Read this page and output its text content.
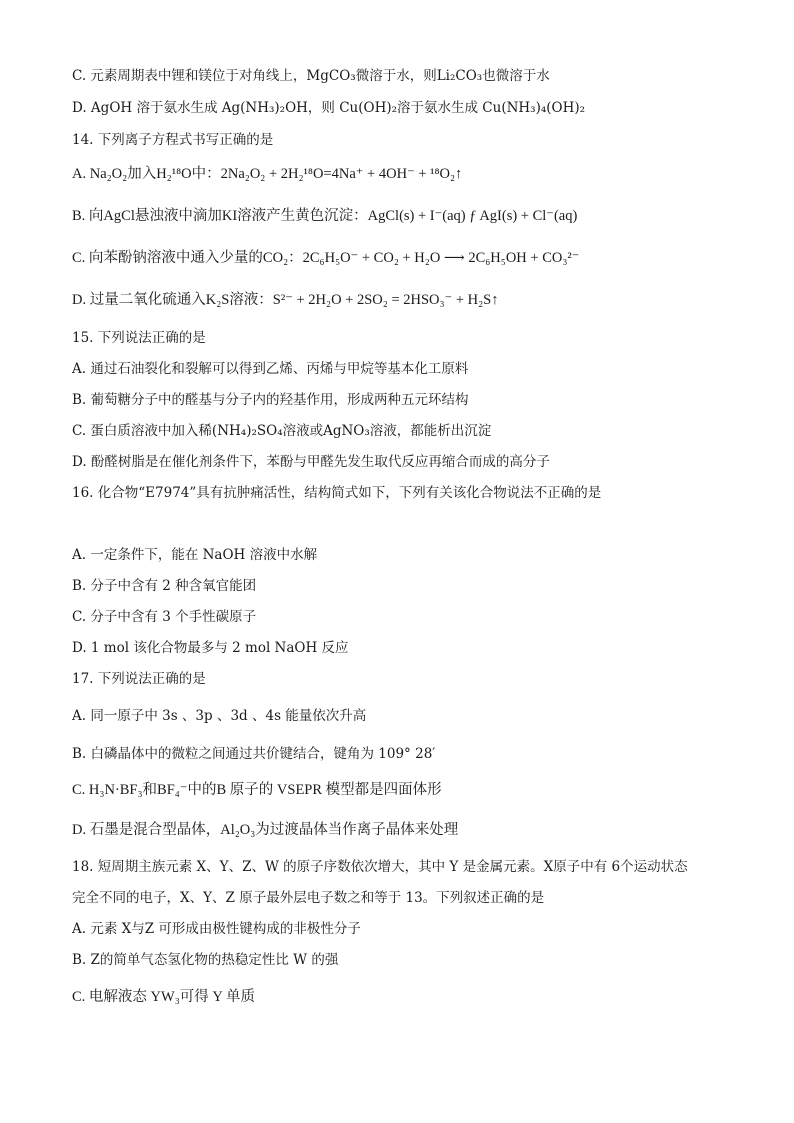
C. 元素周期表中锂和镁位于对角线上，MgCO₃微溶于水，则Li₂CO₃也微溶于水
D. AgOH 溶于氨水生成 Ag(NH₃)₂OH，则 Cu(OH)₂溶于氨水生成 Cu(NH₃)₄(OH)₂
14. 下列离子方程式书写正确的是
A. Na₂O₂加入H₂¹⁸O中：2Na₂O₂ + 2H₂¹⁸O=4Na⁺ + 4OH⁻ + ¹⁸O₂↑
B. 向AgCl悬浊液中滴加KI溶液产生黄色沉淀：AgCl(s) + I⁻(aq) ƒ AgI(s) + Cl⁻(aq)
C. 向苯酚钠溶液中通入少量的CO₂：2C₆H₅O⁻ + CO₂ + H₂O ⟶ 2C₆H₅OH + CO₃²⁻
D. 过量二氧化硫通入K₂S溶液：S²⁻ + 2H₂O + 2SO₂ = 2HSO₃⁻ + H₂S↑
15. 下列说法正确的是
A. 通过石油裂化和裂解可以得到乙烯、丙烯与甲烷等基本化工原料
B. 葡萄糖分子中的醛基与分子内的羟基作用，形成两种五元环结构
C. 蛋白质溶液中加入稀(NH₄)₂SO₄溶液或AgNO₃溶液，都能析出沉淀
D. 酚醛树脂是在催化剂条件下，苯酚与甲醛先发生取代反应再缩合而成的高分子
16. 化合物“E7974”具有抗肿痛活性，结构简式如下，下列有关该化合物说法不正确的是
A. 一定条件下，能在 NaOH 溶液中水解
B. 分子中含有 2 种含氧官能团
C. 分子中含有 3 个手性碳原子
D. 1 mol 该化合物最多与 2 mol NaOH 反应
17. 下列说法正确的是
A. 同一原子中 3s 、3p 、3d 、4s 能量依次升高
B. 白磷晶体中的微粒之间通过共价键结合，键角为 109° 28′
C. H₃N·BF₃和BF₄⁻中的B 原子的 VSEPR 模型都是四面体形
D. 石墨是混合型晶体，Al₂O₃为过渡晶体当作离子晶体来处理
18. 短周期主族元素 X、Y、Z、W 的原子序数依次增大，其中 Y 是金属元素。X原子中有 6个运动状态
完全不同的电子，X、Y、Z 原子最外层电子数之和等于 13。下列叙述正确的是
A. 元素 X与Z 可形成由极性键构成的非极性分子
B. Z的简单气态氢化物的热稳定性比 W 的强
C. 电解液态 YW₃可得 Y 单质
